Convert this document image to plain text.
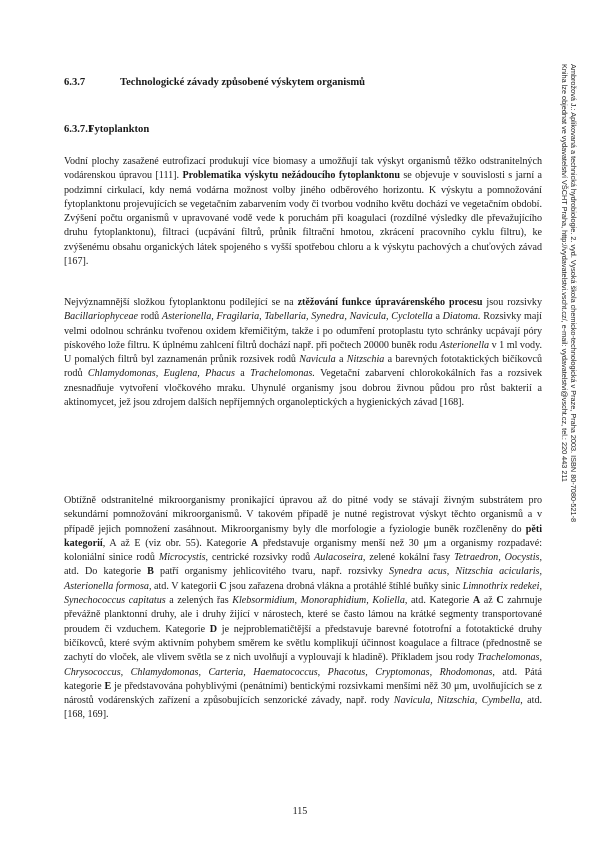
6.3.7	Technologické závady způsobené výskytem organismů
6.3.7.1Fytoplankton

Vodní plochy zasažené eutrofizací produkují více biomasy a umožňují tak výskyt organismů těžko odstranitelných vodárenskou úpravou [111]. Problematika výskytu nežádoucího fytoplanktonu se objevuje v souvislosti s jarní a podzimní cirkulací, kdy nemá vodárna možnost volby jiného odběrového horizontu. K výskytu a pomnožování fytoplanktonu projevujících se vegetačním zabarvením vody či tvorbou vodního květu dochází ve vegetačním období. Zvýšení počtu organismů v upravované vodě vede k poruchám při koagulaci (rozdílné výsledky dle převažujícího druhu fytoplanktonu), filtraci (ucpávání filtrů, průnik filtrační hmotou, zkrácení pracovního cyklu filtru), ke zvýšenému obsahu organických látek spojeného s vyšší spotřebou chloru a k výskytu pachových a chuťových závad [167].

Nejvýznamnější složkou fytoplanktonu podílející se na ztěžování funkce úpravárenského procesu jsou rozsivky Bacillariophyceae rodů Asterionella, Fragilaria, Tabellaria, Synedra, Navicula, Cyclotella a Diatoma. Rozsivky mají velmi odolnou schránku tvořenou oxidem křemičitým, takže i po odumření protoplastu tyto schránky ucpávají póry pískového lože filtru. K úplnému zahlcení filtrů dochází např. při počtech 20000 buněk rodu Asterionella v 1 ml vody. U pomalých filtrů byl zaznamenán průnik rozsivek rodů Navicula a Nitzschia a barevných fototaktických bičíkovců rodů Chlamydomonas, Euglena, Phacus a Trachelomonas. Vegetační zabarvení chlorokokálních řas a rozsivek znesnadňuje vytvoření vločkového mraku. Uhynulé organismy jsou dobrou živnou půdou pro růst bakterií a aktinomycet, jež jsou zdrojem dalších nepříjemných organoleptických a hygienických závad [168].

Obtížně odstranitelné mikroorganismy pronikající úpravou až do pitné vody se stávají živným substrátem pro sekundární pomnožování mikroorganismů. V takovém případě je nutné registrovat výskyt těchto organismů a v případě jejich pomnožení zasáhnout. Mikroorganismy byly dle morfologie a fyziologie buněk rozčleněny do pěti kategorií, A až E (viz obr. 55). Kategorie A představuje organismy menší než 30 μm a organismy rozpadavé: koloniální sinice rodů Microcystis, centrické rozsivky rodů Aulacoseira, zelené kokální řasy Tetraedron, Oocystis, atd. Do kategorie B patří organismy jehlicovitého tvaru, např. rozsivky Synedra acus, Nitzschia acicularis, Asterionella formosa, atd. V kategorii C jsou zařazena drobná vlákna a protáhlé štíhlé buňky sinic Limnothrix redekei, Synechococcus capitatus a zelených řas Klebsormidium, Monoraphidium, Koliella, atd. Kategorie A až C zahrnuje převážně planktonní druhy, ale i druhy žijící v nárostech, které se často lámou na krátké segmenty transportované proudem či vzduchem. Kategorie D je nejproblematičtější a představuje barevné fototrofní a fototaktické druhy bičíkovců, které svým aktivním pohybem směrem ke světlu komplikují účinnost koagulace a filtrace (přednostně se zachytí do vloček, ale vlivem světla se z nich uvolňují a vyplouvají k hladině). Příkladem jsou rody Trachelomonas, Chrysococcus, Chlamydomonas, Carteria, Haematococcus, Phacotus, Cryptomonas, Rhodomonas, atd. Pátá kategorie E je představována pohyblivými (penátními) bentickými rozsivkami menšími něž 30 μm, uvolňujících se z nárostů vodárenských zařízení a způsobujících senzorické závady, např. rody Navicula, Nitzschia, Cymbella, atd. [168, 169].

115
Ambrožová J.: Aplikovaná a technická hydrobiologie. 2. vyd. Vysoká škola chemicko-technologická v Praze, Praha 2003. ISBN 80-7080-521-8
Kniha lze objednat ve vydavatelství VŠCHT Praha, http://vydavatelstvi.vscht.cz/, e-mail: vydavatelstvi@vscht.cz, tel.: 220 443 211
